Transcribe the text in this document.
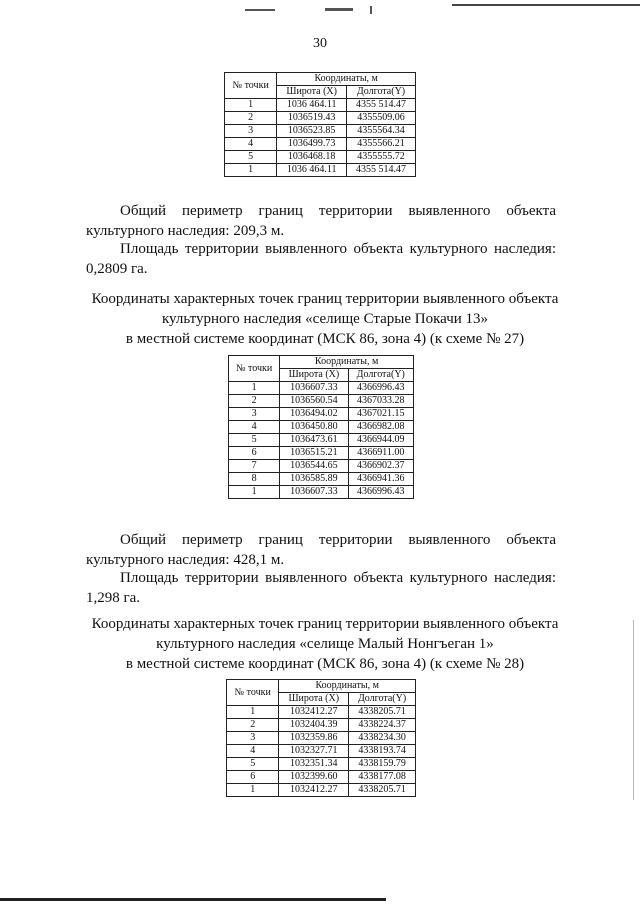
30
№ точки	Координаты, м	
	Широта (X)	Долгота(Y)
1	1036 464.11	4355 514.47
2	1036519.43	4355509.06
3	1036523.85	4355564.34
4	1036499.73	4355566.21
5	1036468.18	4355555.72
1	1036 464.11	4355 514.47
Общий периметр границ территории выявленного объекта
культурного наследия: 209,3 м.
Площадь территории выявленного объекта культурного наследия:
0,2809 га.
Координаты характерных точек границ территории выявленного объекта
культурного наследия «селище Старые Покачи 13»
в местной системе координат (МСК 86, зона 4) (к схеме № 27)
№ точки	Координаты, м	
	Широта (X)	Долгота(Y)
1	1036607.33	4366996.43
2	1036560.54	4367033.28
3	1036494.02	4367021.15
4	1036450.80	4366982.08
5	1036473.61	4366944.09
6	1036515.21	4366911.00
7	1036544.65	4366902.37
8	1036585.89	4366941.36
1	1036607.33	4366996.43
Общий периметр границ территории выявленного объекта
культурного наследия: 428,1 м.
Площадь территории выявленного объекта культурного наследия:
1,298 га.
Координаты характерных точек границ территории выявленного объекта
культурного наследия «селище Малый Нонгъеган 1»
в местной системе координат (МСК 86, зона 4) (к схеме № 28)
№ точки	Координаты, м	
	Широта (X)	Долгота(Y)
1	1032412.27	4338205.71
2	1032404.39	4338224.37
3	1032359.86	4338234.30
4	1032327.71	4338193.74
5	1032351.34	4338159.79
6	1032399.60	4338177.08
1	1032412.27	4338205.71
